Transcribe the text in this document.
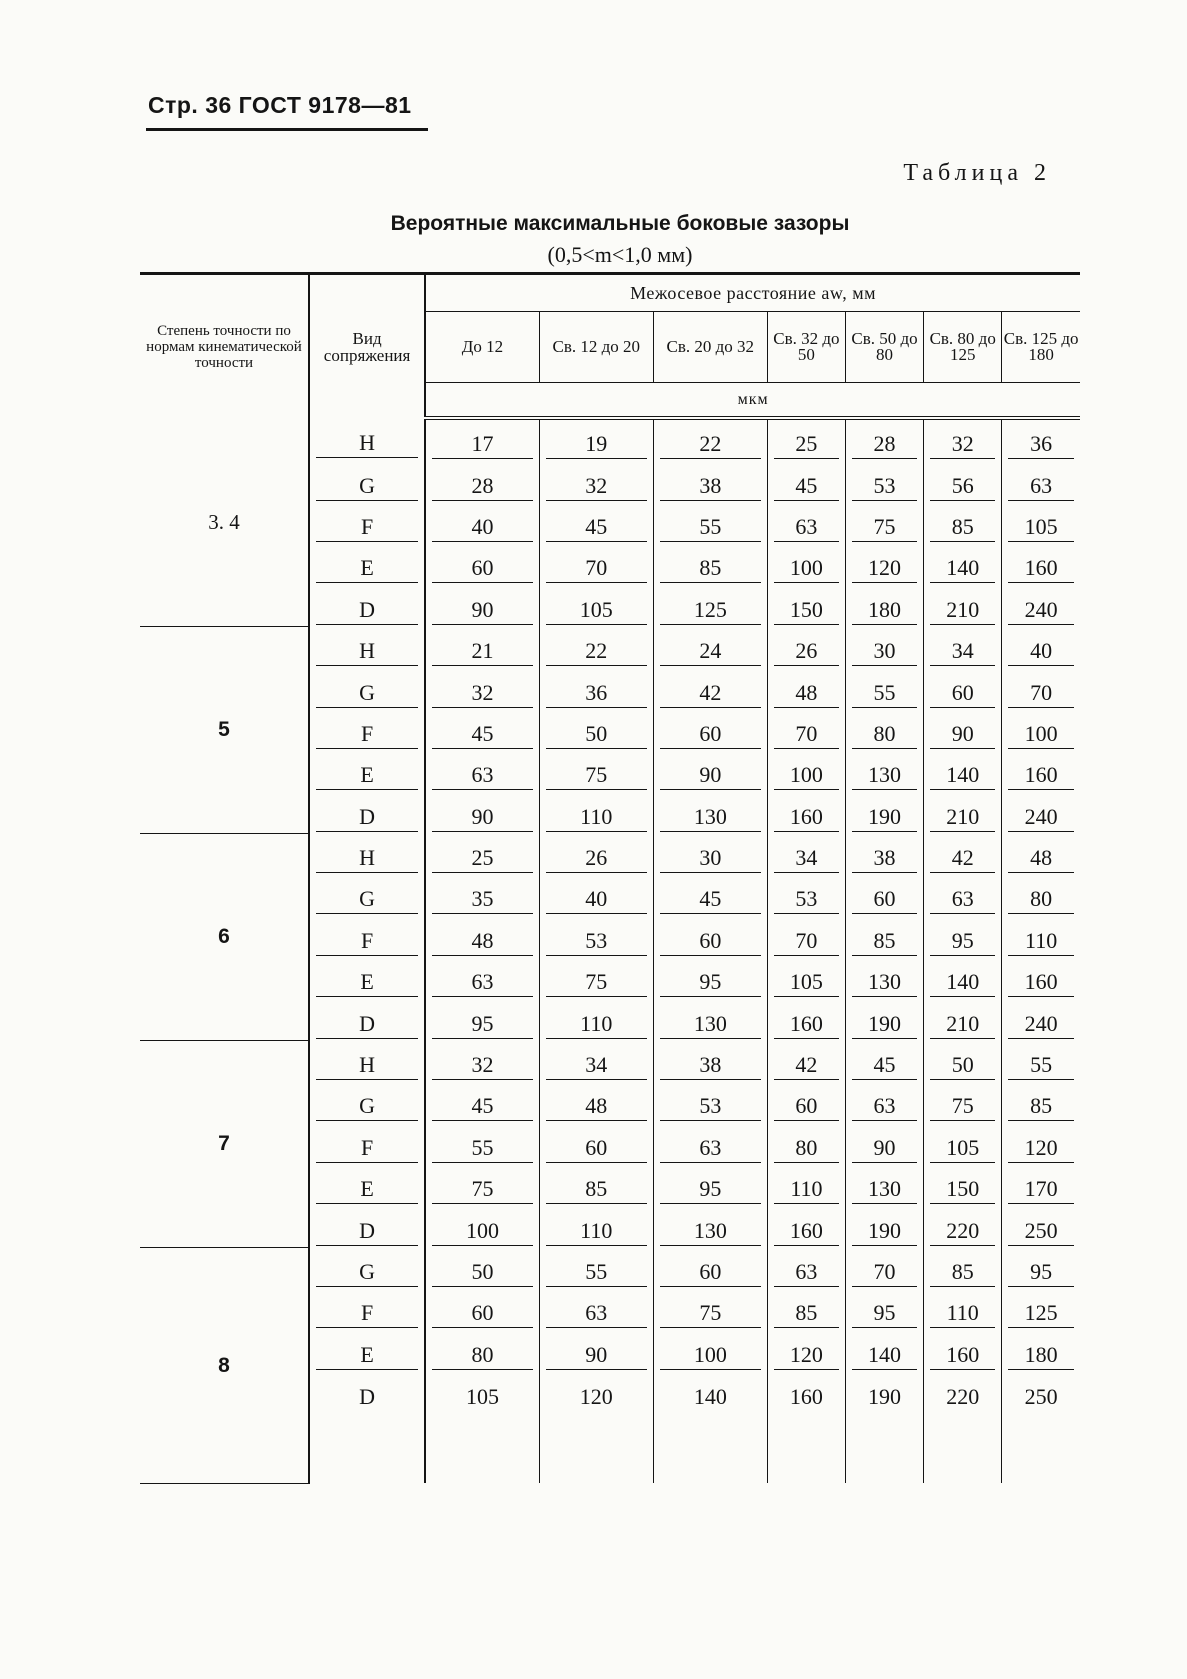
Стр. 36 ГОСТ 9178—81
Таблица 2
Вероятные максимальные боковые зазоры
(0,5<m<1,0 мм)
Степень точности по нормам кинематической точности	Вид сопряжения	Межосевое расстояние aw, мм						
		До 12	Св. 12 до 20	Св. 20 до 32	Св. 32 до 50	Св. 50 до 80	Св. 80 до 125	Св. 125 до 180
		мкм						
3. 4	H	17	19	22	25	28	32	36

	G	28	32	38	45	53	56	63

	F	40	45	55	63	75	85	105

	E	60	70	85	100	120	140	160

	D	90	105	125	150	180	210	240

5	H	21	22	24	26	30	34	40

	G	32	36	42	48	55	60	70

	F	45	50	60	70	80	90	100

	E	63	75	90	100	130	140	160

	D	90	110	130	160	190	210	240

6	H	25	26	30	34	38	42	48

	G	35	40	45	53	60	63	80

	F	48	53	60	70	85	95	110

	E	63	75	95	105	130	140	160

	D	95	110	130	160	190	210	240

7	H	32	34	38	42	45	50	55

	G	45	48	53	60	63	75	85

	F	55	60	63	80	90	105	120

	E	75	85	95	110	130	150	170

	D	100	110	130	160	190	220	250

8	G	50	55	60	63	70	85	95

	F	60	63	75	85	95	110	125

	E	80	90	100	120	140	160	180

	D	105	120	140	160	190	220	250
